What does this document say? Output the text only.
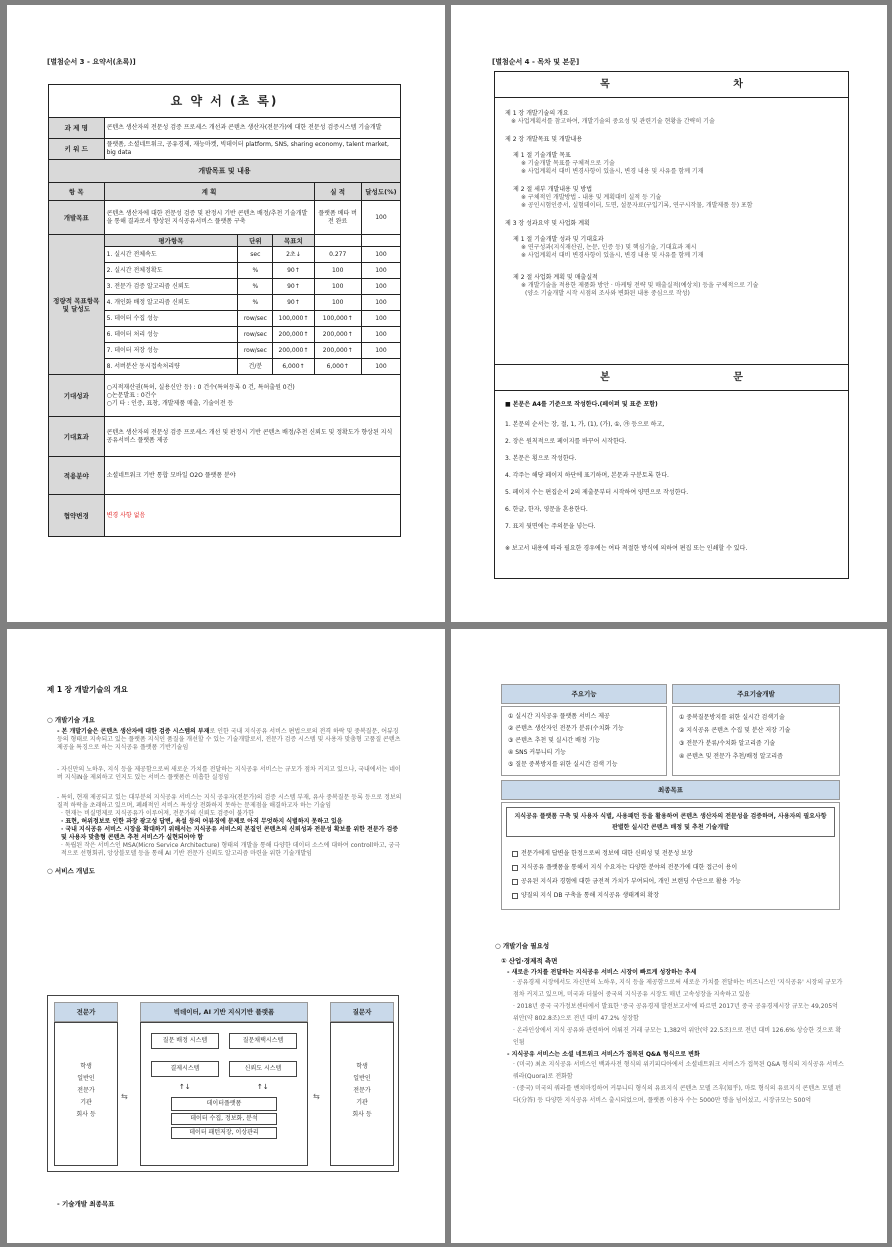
[별첨순서 3 - 요약서(초록)]
요 약 서 (초 록)					
과 제 명	콘텐츠 생산자의 전문성 검증 프로세스 개선과 콘텐츠 생산자(전문가)에 대한 전문성 검증시스템 기술개발				
키 워 드	플랫폼, 소셜네트워크, 공유경제, 재능마켓, 빅데이터 platform, SNS, sharing economy, talent market, big data				
개발목표 및 내용					
항 목	계 획			실 적	달성도(%)
개발목표	콘텐츠 생산자에 대한 전문성 검증 및 판정시 기반 콘텐츠 배정/추천 기술개발을 통해 결과로서 향상된 지식공유서비스 플랫폼 구축			플랫폼 베타 버전 완료	100
정량적 목표항목 및 달성도	평가항목	단위	목표치		
	1. 실시간 전체속도	sec	2초↓	0.277	100
	2. 실시간 전체정확도	%	90↑	100	100
	3. 전문가 검증 알고리즘 신뢰도	%	90↑	100	100
	4. 개인화 배정 알고리즘 신뢰도	%	90↑	100	100
	5. 데이터 수집 성능	row/sec	100,000↑	100,000↑	100
	6. 데이터 처리 성능	row/sec	200,000↑	200,000↑	100
	7. 데이터 저장 성능	row/sec	200,000↑	200,000↑	100
	8. 서버분산 동시접속처리량	건/분	6,000↑	6,000↑	100
기대성과	○지적재산권(특허, 실용신안 등) : 0 건수(특허등록 0 건, 특허출원 0건)
○논문발표 : 0건수
○기 타 : 인증, 표창, 개발제품 매출, 기술이전 등				

기대효과	콘텐츠 생산자의 전문성 검증 프로세스 개선 및 판정시 기반 콘텐츠 배정/추천 신뢰도 및 정확도가 향상된 지식공유서비스 플랫폼 제공				
적용분야	소셜네트워크 기반 통합 모바일 O2O 플랫폼 분야				
협약변경	변경 사항 없음				
[별첨순서 4 - 목차 및 본문]
목 차

제 1 장 개발기술의 개요

※ 사업계획서를 참고하여, 개발기술의 중요성 및 관련기술 현황을 간략히 기술

제 2 장 개발목표 및 개발내용

제 1 절 기술개발 목표

※ 기술개발 목표를 구체적으로 기술

※ 사업계획서 대비 변경사항이 있을시, 변경 내용 및 사유를 함께 기재

제 2 절 세부 개발내용 및 방법

※ 구체적인 개발방법 - 내용 및 계획대비 실적 등 기술

※ 공인시험인증서, 실험데이터, 도면, 설문자료(구입기록, 연구시작물, 개발제품 등) 포함

제 3 장 성과요약 및 사업화 계획

제 1 절 기술개발 성과 및 기대효과

※ 연구성과(지식재산권, 논문, 인증 등) 및 핵심기술, 기대효과 제시

※ 사업계획서 대비 변경사항이 있을시, 변경 내용 및 사유를 함께 기재

제 2 절 사업화 계획 및 매출실적

※ 개발기술을 적용한 제품화 방안 · 마케팅 전략 및 매출실적(예상치) 등을 구체적으로 기술

(양소 기술개발 시작 시점의 조사와 변화된 내용 중심으로 작성)

본 문

■ 본문은 A4를 기준으로 작성한다.(페이퍼 및 표준 포함)

1. 본문의 순서는 장, 절, 1, 가, (1), (가), ①, ㉮ 등으로 하고,

2. 장은 원칙적으로 페이지를 바꾸어 시작한다.

3. 본문은 횡으로 작성한다.

4. 각주는 해당 페이지 하단에 표기하며, 본문과 구분토록 한다.

5. 페이지 수는 편집순서 2의 제출문부터 시작하여 양면으로 작성한다.

6. 한글, 한자, 영문을 혼용한다.

7. 표지 뒷면에는 주의문을 넣는다.

※ 보고서 내용에 따라 필요한 경우에는 여타 적절한 방식에 의하여 편집 또는 인쇄할 수 있다.

제 1 장 개발기술의 개요
○ 개발기술 개요

- 본 개발기술은 콘텐츠 생산자에 대한 검증 시스템의 부재로 인한 국내 지식공유 서비스 편법으로의 전격 하락 및 중복질문, 어뷰징 등의 형태로 지속되고 있는 플랫폼 지식인 품질을 개선할 수 있는 기술개발로서, 전문가 검증 시스템 및 사용자 맞춤형 고품질 콘텐츠 제공을 특징으로 하는 지식공유 플랫폼 기반기술임

- 자신만의 노하우, 지식 등을 제공함으로써 새로운 가치를 전달하는 지식공유 서비스는 규모가 점차 커지고 있으나, 국내에서는 네이버 지식iN을 제외하고 인지도 있는 서비스 플랫폼은 미흡한 실정임

- 특히, 현재 제공되고 있는 대부분의 지식공유 서비스는 지식 공유자(전문가)의 검증 시스템 부재, 유사 중복질문 등록 등으로 정보의 질적 하락을 초래하고 있으며, 폐쇄적인 서비스 특성상 전화하지 못하는 문제점을 해결하고자 하는 기술임

· 현재는 비실명제로 지식공유가 이루어져, 전문가의 신뢰도 검증이 불가한

· 표현, 허위정보로 인한 과장 광고성 답변, 욕설 등의 어뷰징에 문제로 아직 무엇하지 식별하지 못하고 있음

· 국내 지식공유 서비스 시장을 확대하기 위해서는 지식공유 서비스의 본질인 콘텐츠의 신뢰성과 전문성 확보를 위한 전문가 검증 및 사용자 맞춤형 콘텐츠 추천 서비스가 실현되어야 함

· 독립된 작은 서비스인 MSA(Micro Service Architecture) 형태의 개발을 통해 다양한 데이터 소스에 대하여 controll하고, 궁극적으로 선형회귀, 앙상블모델 등을 통해 AI 기반 전문가 신뢰도 알고리즘 마련을 위한 기술개발임

○ 서비스 개념도
전문가	빅데이터, AI 기반 지식기반 플랫폼	질문자
학생
일반인
전문가
기관
회사 등
학생
일반인
전문가
기관
회사 등
⇆	⇆
질문 배정 시스템	질문채택시스템
결제시스템	신뢰도 시스템
↑↓	↑↓
데이터플랫폼
데이터 수집, 정보화, 분석
데이터 패턴저장, 이상관리
- 기술개발 최종목표
주요기능	주요기술개발

① 실시간 지식공유 플랫폼 서비스 제공

② 콘텐츠 생산자인 전문가 분류(수치화 기능

③ 콘텐츠 추천 및 실시간 배정 기능

④ SNS 커뮤니티 기능

⑤ 질문 중복방지를 위한 실시간 검색 기능

① 중복질문방지를 위한 실시간 검색기술

② 지식공유 콘텐츠 수집 및 분산 저장 기술

③ 전문가 분류/수치화 알고리즘 기술

④ 콘텐츠 및 전문가 추천/배정 알고리즘

최종목표
지식공유 플랫폼 구축 및 사용자 식별, 사용패턴 등을 활용하여 콘텐츠 생산자의 전문성을 검증하며, 사용자의 필요사항 판별한 실시간 콘텐츠 배정 및 추천 기술개발

전문가에게 답변을 한정으로써 정보에 대한 신뢰성 및 전문성 보장

지식공유 플랫폼을 통해서 지식 수요자는 다양한 분야의 전문가에 대한 접근이 용이

공유된 지식과 경험에 대한 금전적 가치가 부여되어, 개인 브랜딩 수단으로 활용 가능

양질의 지식 DB 구축을 통해 지식공유 생태계의 확장

○ 개발기술 필요성
① 산업·경제적 측면

- 새로운 가치를 전달하는 지식공유 서비스 시장이 빠르게 성장하는 추세

· 공유경제 시장에서도 자신만의 노하우, 지식 등을 제공함으로써 새로운 가치를 전달하는 비즈니스인 '지식공유' 시장의 규모가 점차 커지고 있으며, 미국과 더불어 중국의 지식공유 시장도 매년 고속성장을 지속하고 있음

· 2018년 중국 국가정보센터에서 발표한 '중국 공유경제 발전보고서'에 따르면 2017년 중국 공유경제시장 규모는 49,205억 위안(약 802.8조)으로 전년 대비 47.2% 성장함

· 온라인상에서 지식 공유와 관련하여 이뤄진 거래 규모는 1,382억 위안(약 22.5조)으로 전년 대비 126.6% 상승한 것으로 확인됨

- 지식공유 서비스는 소셜 네트워크 서비스가 접목된 Q&A 형식으로 변화

· (미국) 최초 지식공유 서비스인 백과사전 형식의 위키피디아에서 소셜네트워크 서비스가 접목된 Q&A 형식의 지식공유 서비스 쿼라(Quora)로 전화함

· (중국) 미국의 쿼라를 벤치마킹하여 커뮤니티 형식의 유료지식 콘텐츠 모델 즈후(知乎), 마토 형식의 유료지식 콘텐츠 모델 펀다(分答) 등 다양한 지식공유 서비스 출시되었으며, 플랫폼 이용자 수는 5000만 명을 넘어섰고, 시장규모는 500억
